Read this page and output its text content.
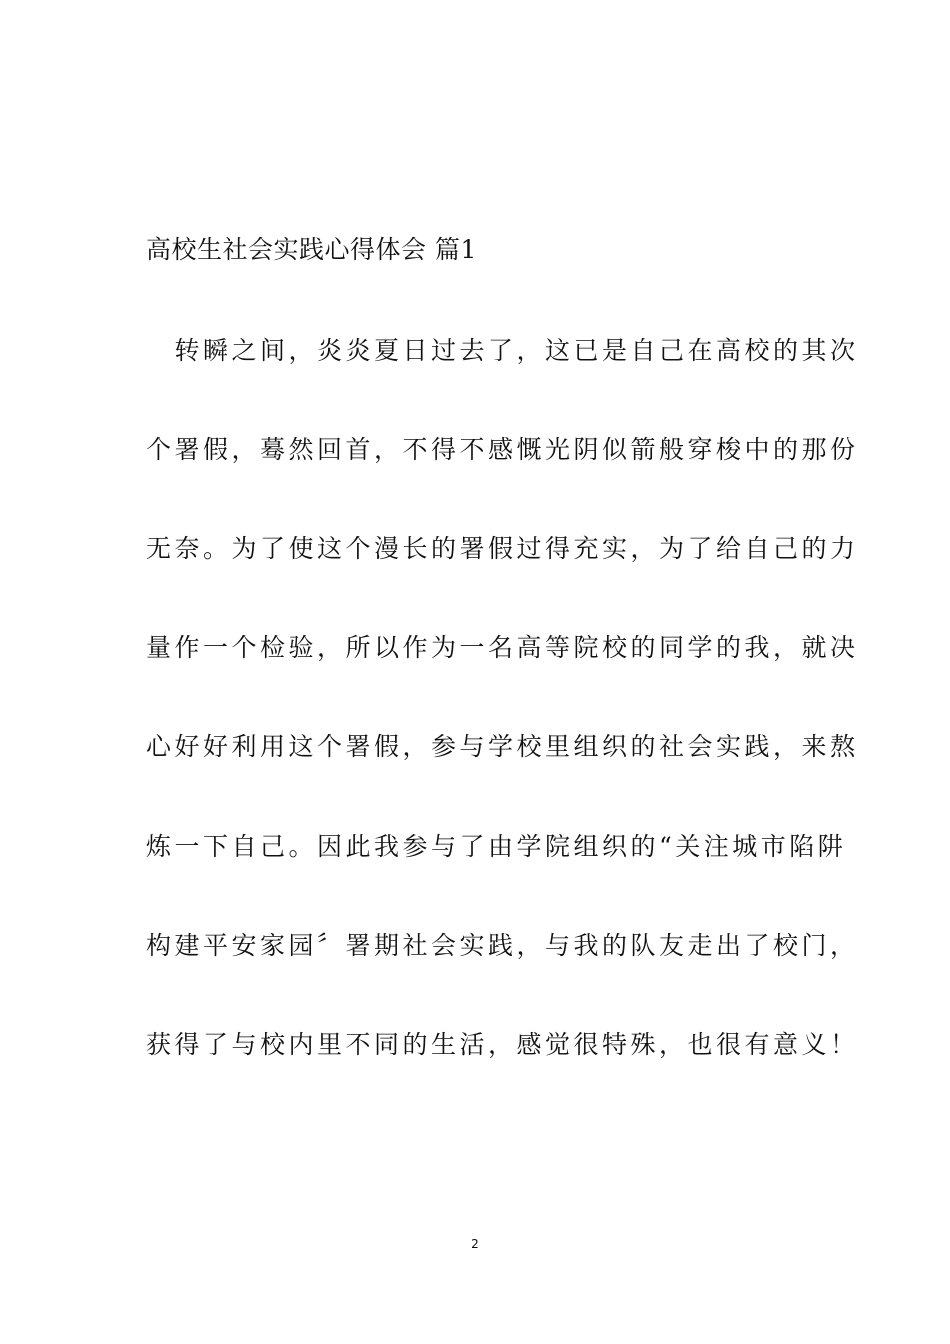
高校生社会实践心得体会 篇1
　转瞬之间，炎炎夏日过去了，这已是自己在高校的其次
个署假，蓦然回首，不得不感慨光阴似箭般穿梭中的那份
无奈。为了使这个漫长的署假过得充实，为了给自己的力
量作一个检验，所以作为一名高等院校的同学的我，就决
心好好利用这个署假，参与学校里组织的社会实践，来熬
炼一下自己。因此我参与了由学院组织的“关注城市陷阱
构建平安家园〞署期社会实践，与我的队友走出了校门，
获得了与校内里不同的生活，感觉很特殊，也很有意义！
2
